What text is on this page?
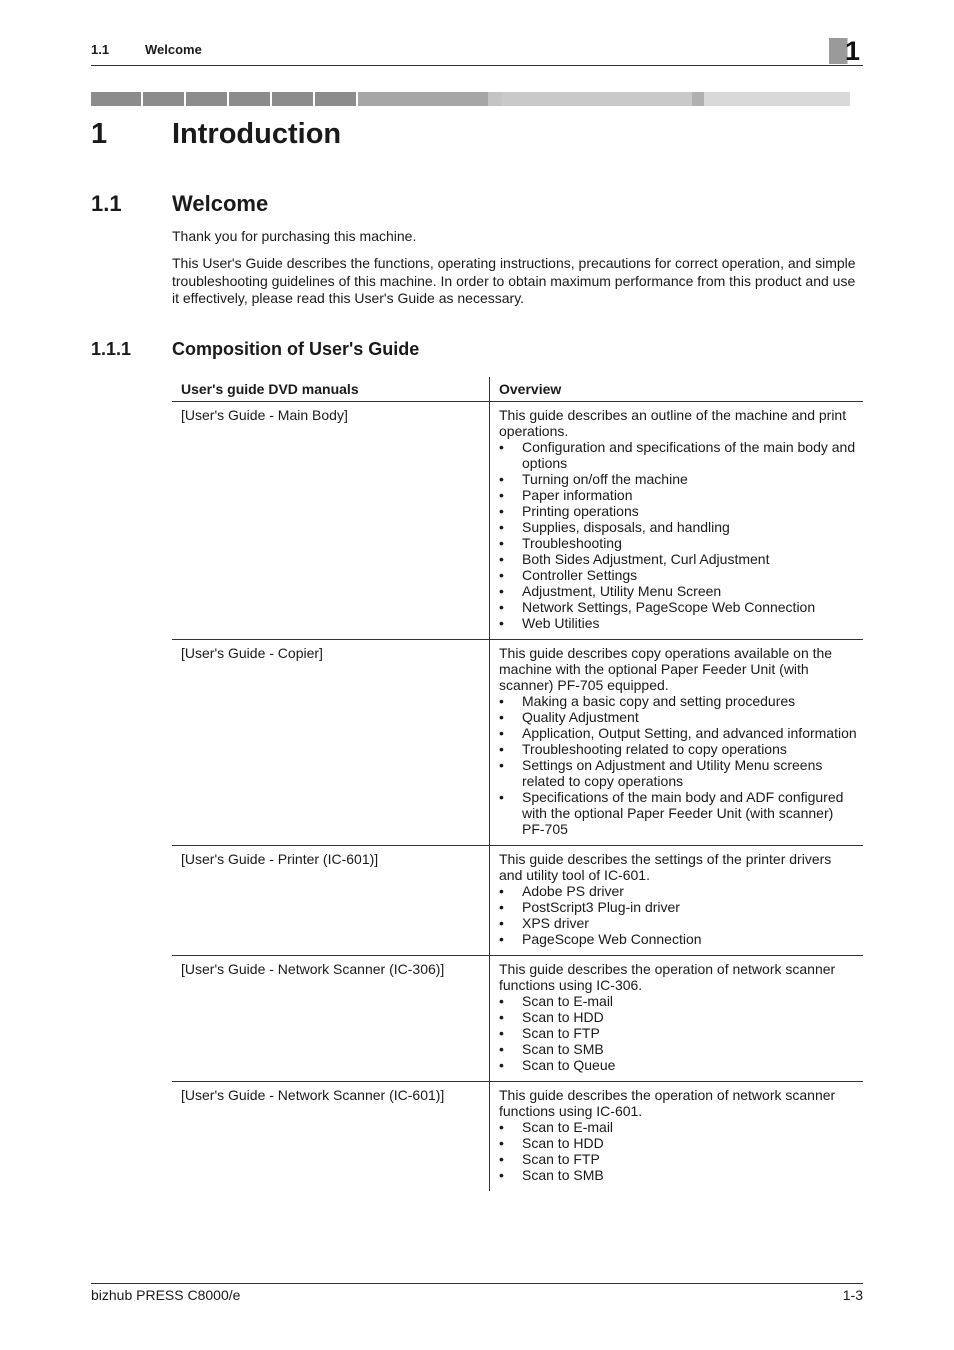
1.1	Welcome	1
1 Introduction
1.1 Welcome
Thank you for purchasing this machine.
This User's Guide describes the functions, operating instructions, precautions for correct operation, and simple troubleshooting guidelines of this machine. In order to obtain maximum performance from this product and use it effectively, please read this User's Guide as necessary.
1.1.1 Composition of User's Guide
User's guide DVD manuals	Overview
[User's Guide - Main Body]	This guide describes an outline of the machine and print operations.
•	Configuration and specifications of the main body and options
•	Turning on/off the machine
•	Paper information
•	Printing operations
•	Supplies, disposals, and handling
•	Troubleshooting
•	Both Sides Adjustment, Curl Adjustment
•	Controller Settings
•	Adjustment, Utility Menu Screen
•	Network Settings, PageScope Web Connection
•	Web Utilities
[User's Guide - Copier]	This guide describes copy operations available on the machine with the optional Paper Feeder Unit (with scanner) PF-705 equipped.
•	Making a basic copy and setting procedures
•	Quality Adjustment
•	Application, Output Setting, and advanced information
•	Troubleshooting related to copy operations
•	Settings on Adjustment and Utility Menu screens related to copy operations
•	Specifications of the main body and ADF configured with the optional Paper Feeder Unit (with scanner) PF-705
[User's Guide - Printer (IC-601)]	This guide describes the settings of the printer drivers and utility tool of IC-601.
•	Adobe PS driver
•	PostScript3 Plug-in driver
•	XPS driver
•	PageScope Web Connection
[User's Guide - Network Scanner (IC-306)]	This guide describes the operation of network scanner functions using IC-306.
•	Scan to E-mail
•	Scan to HDD
•	Scan to FTP
•	Scan to SMB
•	Scan to Queue
[User's Guide - Network Scanner (IC-601)]	This guide describes the operation of network scanner functions using IC-601.
•	Scan to E-mail
•	Scan to HDD
•	Scan to FTP
•	Scan to SMB
bizhub PRESS C8000/e	1-3
